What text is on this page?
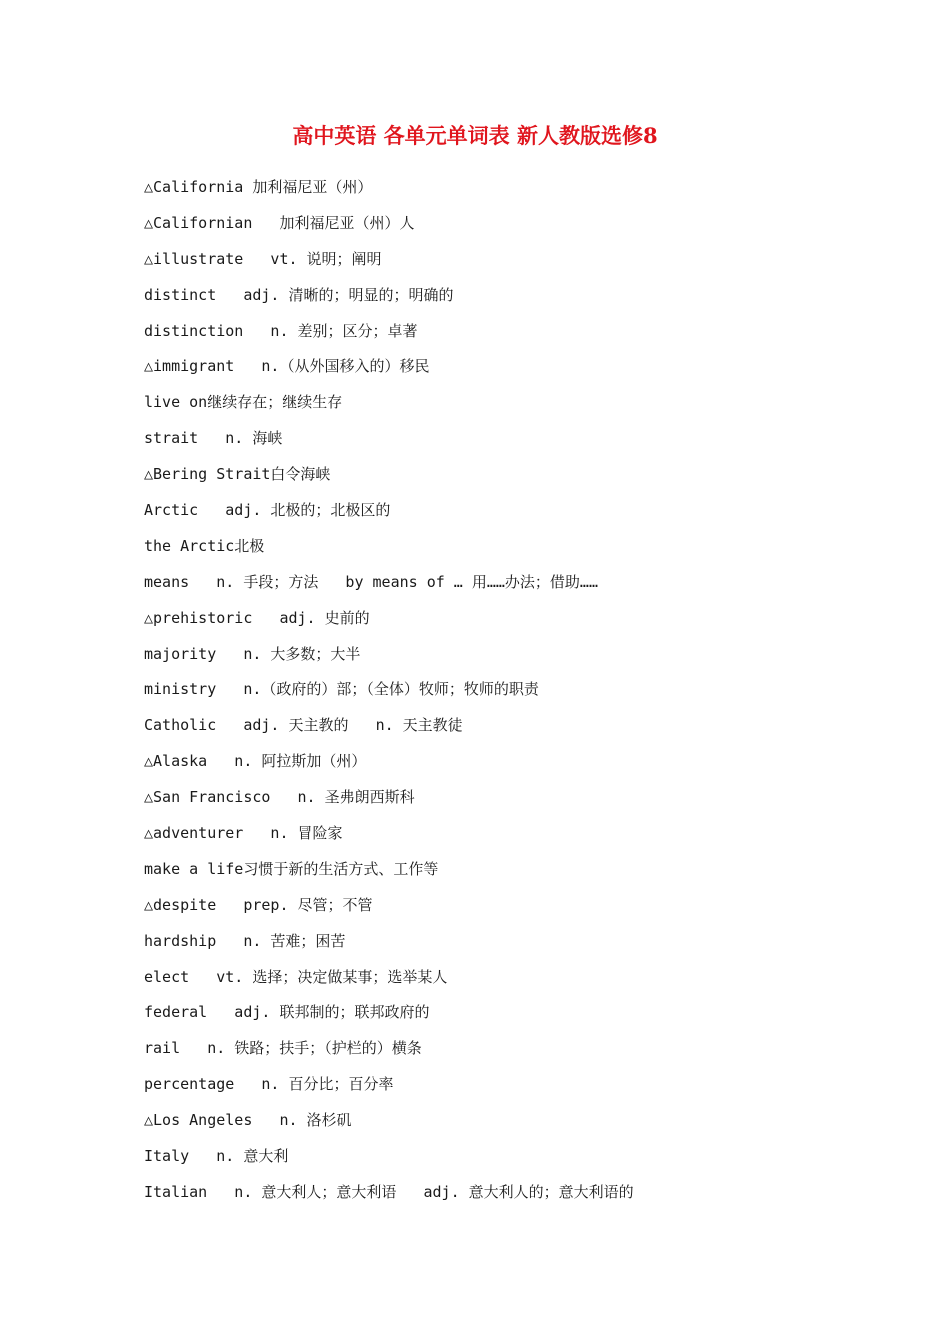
高中英语 各单元单词表 新人教版选修8
△California 加利福尼亚（州）
△Californian   加利福尼亚（州）人
△illustrate   vt. 说明；阐明
distinct   adj. 清晰的；明显的；明确的
distinction   n. 差别；区分；卓著
△immigrant   n.（从外国移入的）移民
live on继续存在；继续生存
strait   n. 海峡
△Bering Strait白令海峡
Arctic   adj. 北极的；北极区的
the Arctic北极
means   n. 手段；方法   by means of … 用……办法；借助……
△prehistoric   adj. 史前的
majority   n. 大多数；大半
ministry   n.（政府的）部；（全体）牧师；牧师的职责
Catholic   adj. 天主教的   n. 天主教徒
△Alaska   n. 阿拉斯加（州）
△San Francisco   n. 圣弗朗西斯科
△adventurer   n. 冒险家
make a life习惯于新的生活方式、工作等
△despite   prep. 尽管；不管
hardship   n. 苦难；困苦
elect   vt. 选择；决定做某事；选举某人
federal   adj. 联邦制的；联邦政府的
rail   n. 铁路；扶手；（护栏的）横条
percentage   n. 百分比；百分率
△Los Angeles   n. 洛杉矶
Italy   n. 意大利
Italian   n. 意大利人；意大利语   adj. 意大利人的；意大利语的
